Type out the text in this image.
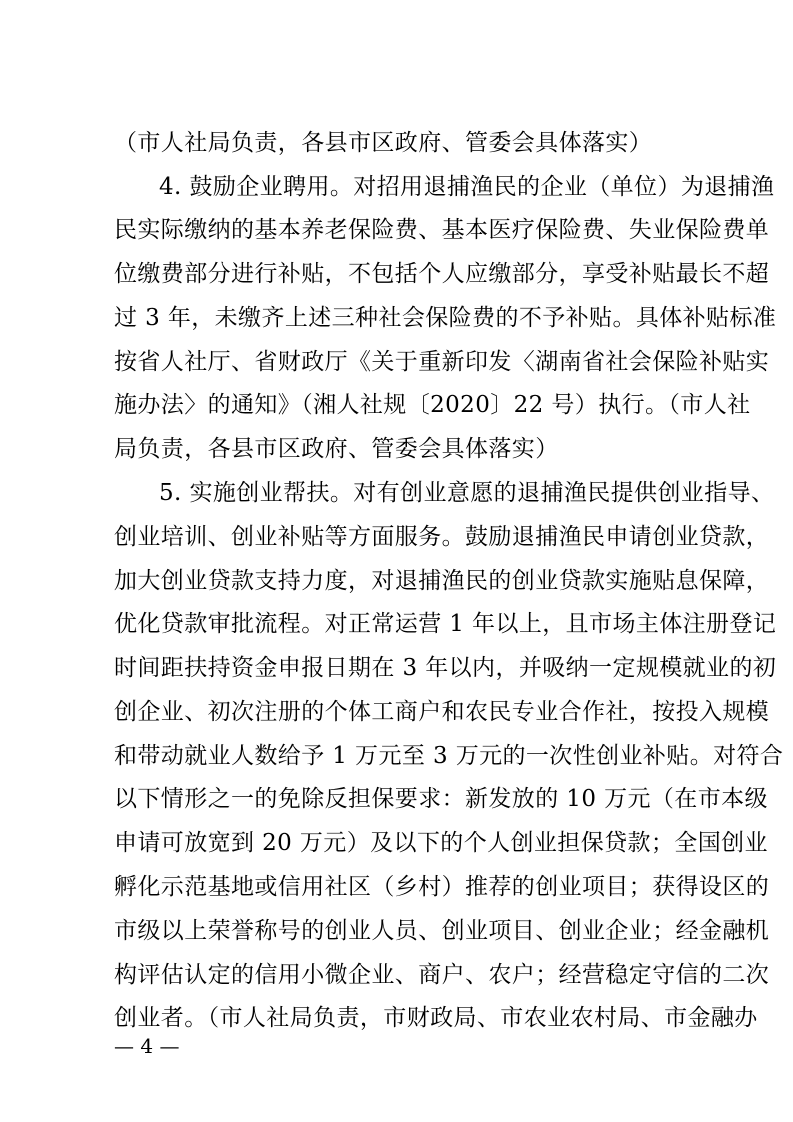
（市人社局负责，各县市区政府、管委会具体落实）
4. 鼓励企业聘用。对招用退捕渔民的企业（单位）为退捕渔
民实际缴纳的基本养老保险费、基本医疗保险费、失业保险费单
位缴费部分进行补贴，不包括个人应缴部分，享受补贴最长不超
过 3 年，未缴齐上述三种社会保险费的不予补贴。具体补贴标准
按省人社厅、省财政厅《关于重新印发〈湖南省社会保险补贴实
施办法〉的通知》（湘人社规〔2020〕22 号）执行。（市人社
局负责，各县市区政府、管委会具体落实）
5. 实施创业帮扶。对有创业意愿的退捕渔民提供创业指导、
创业培训、创业补贴等方面服务。鼓励退捕渔民申请创业贷款，
加大创业贷款支持力度，对退捕渔民的创业贷款实施贴息保障，
优化贷款审批流程。对正常运营 1 年以上，且市场主体注册登记
时间距扶持资金申报日期在 3 年以内，并吸纳一定规模就业的初
创企业、初次注册的个体工商户和农民专业合作社，按投入规模
和带动就业人数给予 1 万元至 3 万元的一次性创业补贴。对符合
以下情形之一的免除反担保要求：新发放的 10 万元（在市本级
申请可放宽到 20 万元）及以下的个人创业担保贷款；全国创业
孵化示范基地或信用社区（乡村）推荐的创业项目；获得设区的
市级以上荣誉称号的创业人员、创业项目、创业企业；经金融机
构评估认定的信用小微企业、商户、农户；经营稳定守信的二次
创业者。（市人社局负责，市财政局、市农业农村局、市金融办
— 4 —
